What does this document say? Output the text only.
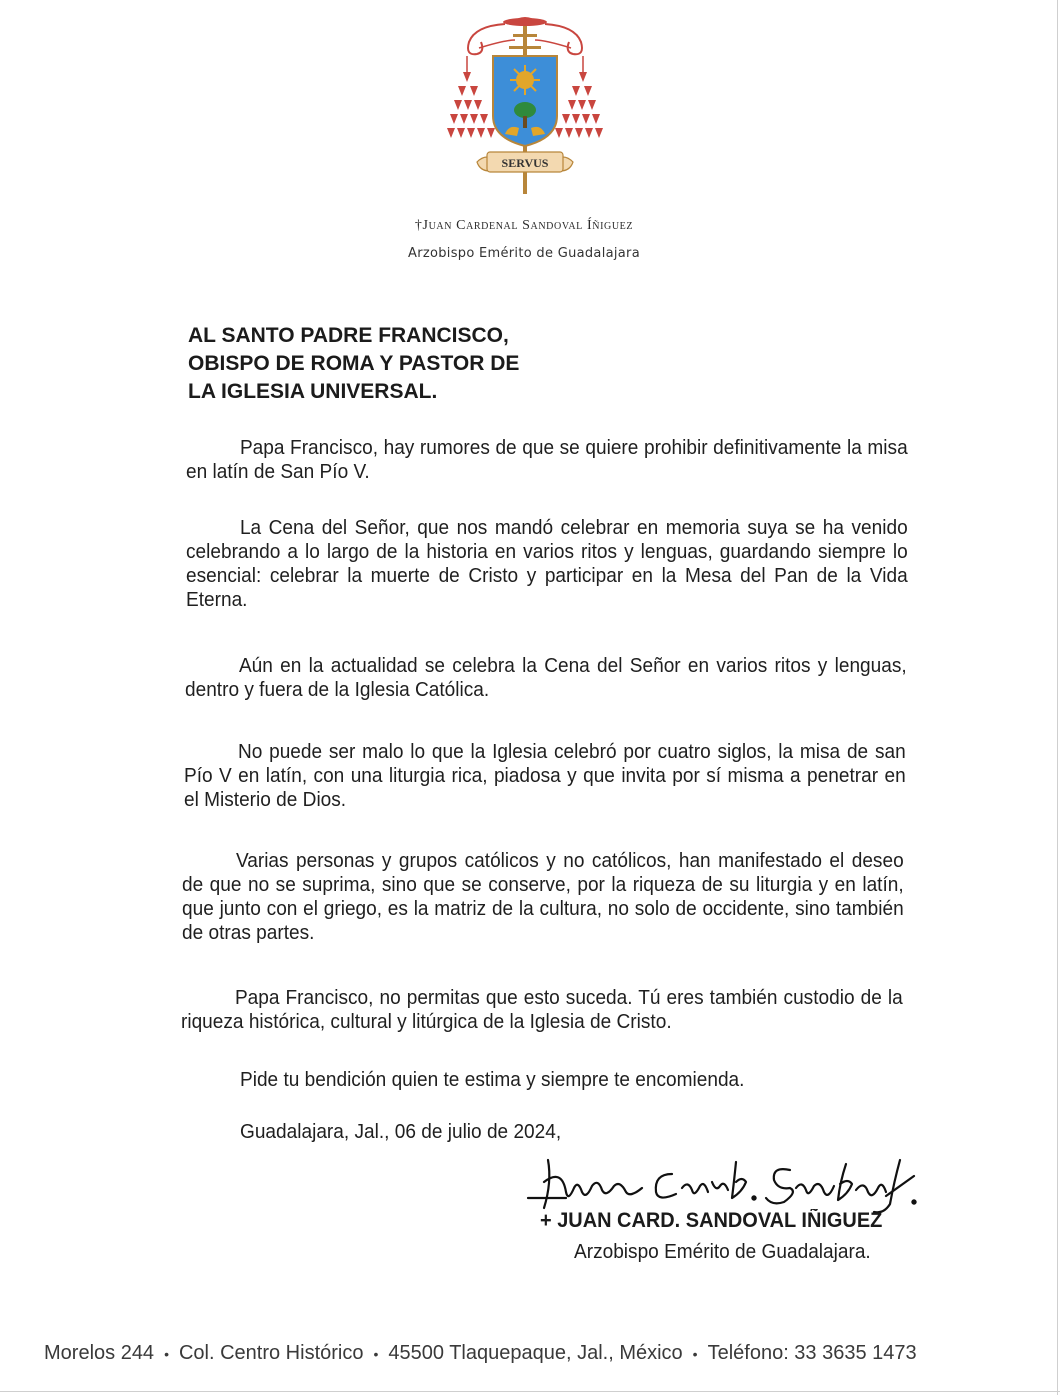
SERVUS
†Juan Cardenal Sandoval Íñiguez
Arzobispo Emérito de Guadalajara
AL SANTO PADRE FRANCISCO,
OBISPO DE ROMA Y PASTOR DE
LA IGLESIA UNIVERSAL.
Papa Francisco, hay rumores de que se quiere prohibir definitivamente la misa en latín de San Pío V.
La Cena del Señor, que nos mandó celebrar en memoria suya se ha venido celebrando a lo largo de la historia en varios ritos y lenguas, guardando siempre lo esencial: celebrar la muerte de Cristo y participar en la Mesa del Pan de la Vida Eterna.
Aún en la actualidad se celebra la Cena del Señor en varios ritos y lenguas, dentro y fuera de la Iglesia Católica.
No puede ser malo lo que la Iglesia celebró por cuatro siglos, la misa de san Pío V en latín, con una liturgia rica, piadosa y que invita por sí misma a penetrar en el Misterio de Dios.
Varias personas y grupos católicos y no católicos, han manifestado el deseo de que no se suprima, sino que se conserve, por la riqueza de su liturgia y en latín, que junto con el griego, es la matriz de la cultura, no solo de occidente, sino también de otras partes.
Papa Francisco, no permitas que esto suceda. Tú eres también custodio de la riqueza histórica, cultural y litúrgica de la Iglesia de Cristo.
Pide tu bendición quien te estima y siempre te encomienda.
Guadalajara, Jal., 06 de julio de 2024,
Juan Card. Sandoval
+ JUAN CARD. SANDOVAL IÑIGUEZ
Arzobispo Emérito de Guadalajara.
Morelos 244 • Col. Centro Histórico • 45500 Tlaquepaque, Jal., México • Teléfono: 33 3635 1473
